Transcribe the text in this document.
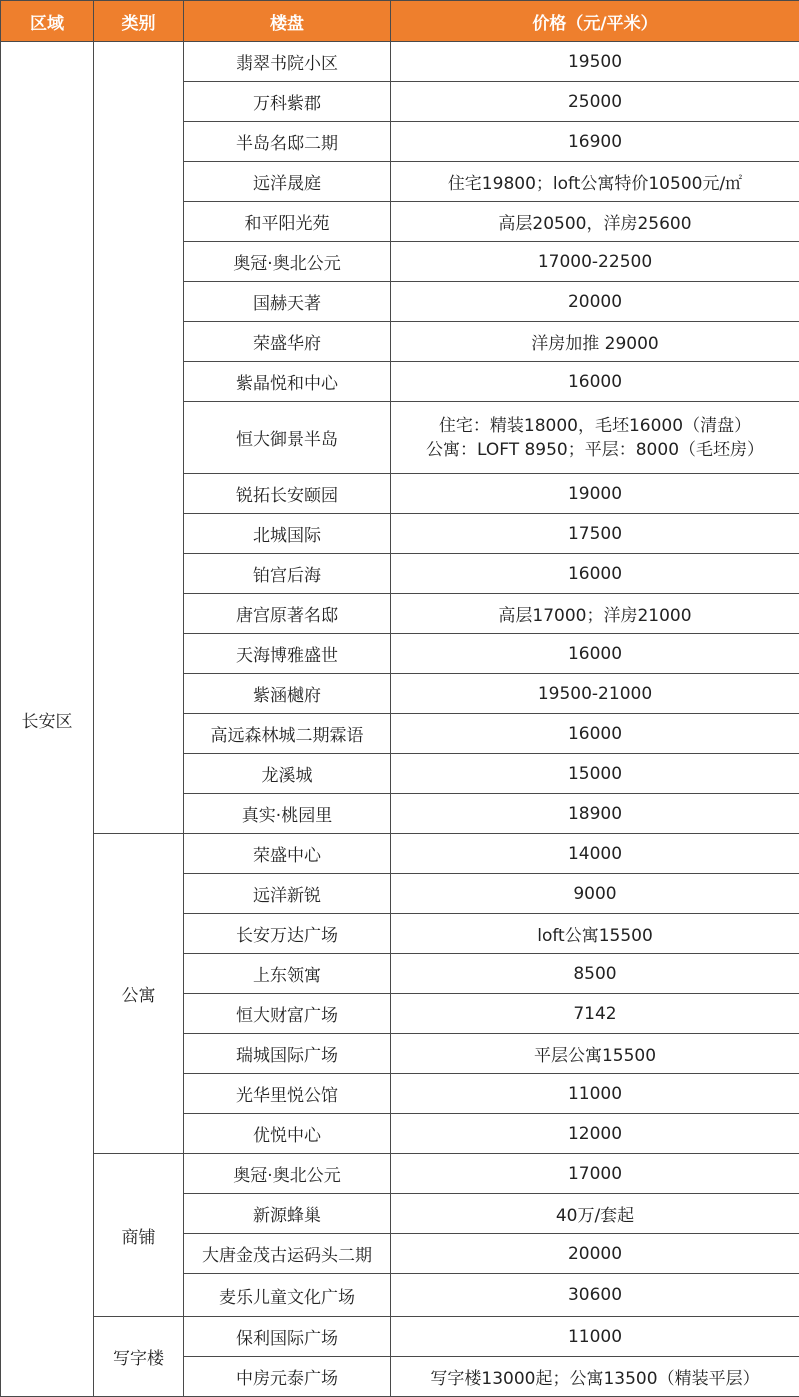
区域	类别	楼盘	价格（元/平米）
长安区		翡翠书院小区	19500
		万科紫郡	25000
		半岛名邸二期	16900
		远洋晟庭	住宅19800；loft公寓特价10500元/㎡
		和平阳光苑	高层20500，洋房25600
		奥冠·奥北公元	17000-22500
		国赫天著	20000
		荣盛华府	洋房加推 29000
		紫晶悦和中心	16000
		恒大御景半岛	住宅：精装18000，毛坯16000（清盘）
公寓：LOFT 8950；平层：8000（毛坯房）

		锐拓长安颐园	19000
		北城国际	17500
		铂宫后海	16000
		唐宫原著名邸	高层17000；洋房21000
		天海博雅盛世	16000
		紫涵樾府	19500-21000
		高远森林城二期霖语	16000
		龙溪城	15000
		真实·桃园里	18900
	公寓	荣盛中心	14000
		远洋新锐	9000
		长安万达广场	loft公寓15500
		上东领寓	8500
		恒大财富广场	7142
		瑞城国际广场	平层公寓15500
		光华里悦公馆	11000
		优悦中心	12000
	商铺	奥冠·奥北公元	17000
		新源蜂巢	40万/套起
		大唐金茂古运码头二期	20000
		麦乐儿童文化广场	30600
	写字楼	保利国际广场	11000
		中房元泰广场	写字楼13000起；公寓13500（精装平层）
